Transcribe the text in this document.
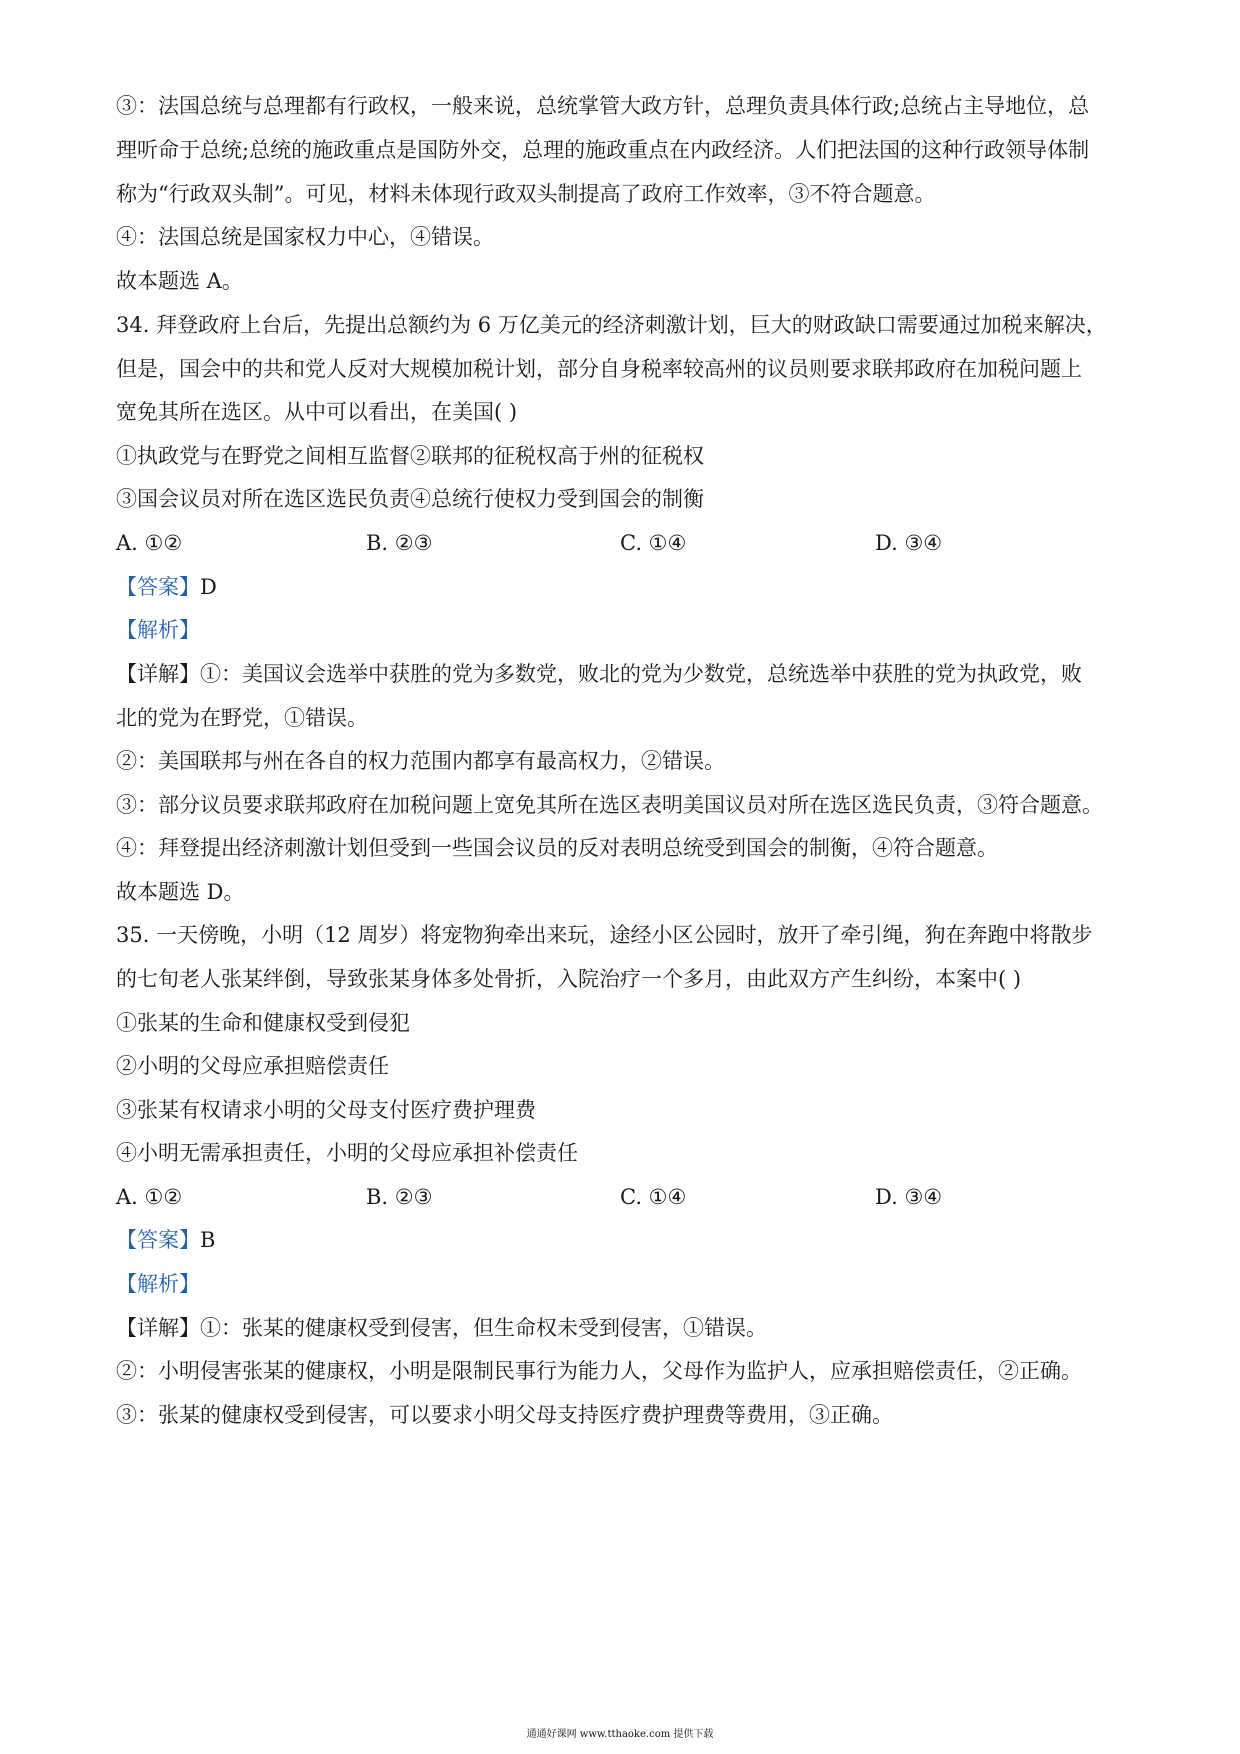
③：法国总统与总理都有行政权，一般来说，总统掌管大政方针，总理负责具体行政;总统占主导地位，总
理听命于总统;总统的施政重点是国防外交，总理的施政重点在内政经济。人们把法国的这种行政领导体制
称为“行政双头制”。可见，材料未体现行政双头制提高了政府工作效率，③不符合题意。
④：法国总统是国家权力中心，④错误。
故本题选 A。
34. 拜登政府上台后，先提出总额约为 6 万亿美元的经济刺激计划，巨大的财政缺口需要通过加税来解决，
但是，国会中的共和党人反对大规模加税计划，部分自身税率较高州的议员则要求联邦政府在加税问题上
宽免其所在选区。从中可以看出，在美国( )
①执政党与在野党之间相互监督②联邦的征税权高于州的征税权
③国会议员对所在选区选民负责④总统行使权力受到国会的制衡
A. ①②	B. ②③	C. ①④	D. ③④
【答案】D
【解析】
【详解】①：美国议会选举中获胜的党为多数党，败北的党为少数党，总统选举中获胜的党为执政党，败
北的党为在野党，①错误。
②：美国联邦与州在各自的权力范围内都享有最高权力，②错误。
③：部分议员要求联邦政府在加税问题上宽免其所在选区表明美国议员对所在选区选民负责，③符合题意。
④：拜登提出经济刺激计划但受到一些国会议员的反对表明总统受到国会的制衡，④符合题意。
故本题选 D。
35. 一天傍晚，小明（12 周岁）将宠物狗牵出来玩，途经小区公园时，放开了牵引绳，狗在奔跑中将散步
的七旬老人张某绊倒，导致张某身体多处骨折，入院治疗一个多月，由此双方产生纠纷，本案中( )
①张某的生命和健康权受到侵犯
②小明的父母应承担赔偿责任
③张某有权请求小明的父母支付医疗费护理费
④小明无需承担责任，小明的父母应承担补偿责任
A. ①②	B. ②③	C. ①④	D. ③④
【答案】B
【解析】
【详解】①：张某的健康权受到侵害，但生命权未受到侵害，①错误。
②：小明侵害张某的健康权，小明是限制民事行为能力人，父母作为监护人，应承担赔偿责任，②正确。
③：张某的健康权受到侵害，可以要求小明父母支持医疗费护理费等费用，③正确。
通通好课网 www.tthaoke.com 提供下载
